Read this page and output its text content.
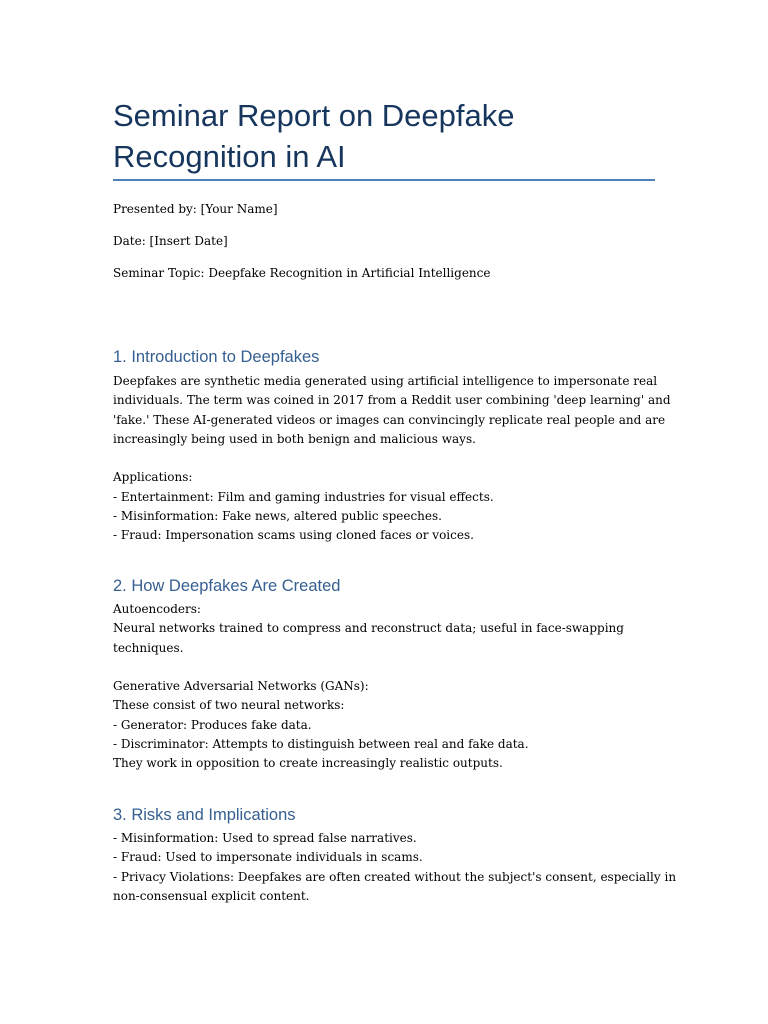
Seminar Report on Deepfake
Recognition in AI

Presented by: [Your Name]

Date: [Insert Date]

Seminar Topic: Deepfake Recognition in Artificial Intelligence

1. Introduction to Deepfakes
Deepfakes are synthetic media generated using artificial intelligence to impersonate real
individuals. The term was coined in 2017 from a Reddit user combining 'deep learning' and
'fake.' These AI-generated videos or images can convincingly replicate real people and are
increasingly being used in both benign and malicious ways.
Applications:
- Entertainment: Film and gaming industries for visual effects.
- Misinformation: Fake news, altered public speeches.
- Fraud: Impersonation scams using cloned faces or voices.
2. How Deepfakes Are Created
Autoencoders:
Neural networks trained to compress and reconstruct data; useful in face-swapping
techniques.
Generative Adversarial Networks (GANs):
These consist of two neural networks:
- Generator: Produces fake data.
- Discriminator: Attempts to distinguish between real and fake data.
They work in opposition to create increasingly realistic outputs.
3. Risks and Implications
- Misinformation: Used to spread false narratives.
- Fraud: Used to impersonate individuals in scams.
- Privacy Violations: Deepfakes are often created without the subject's consent, especially in
non-consensual explicit content.
